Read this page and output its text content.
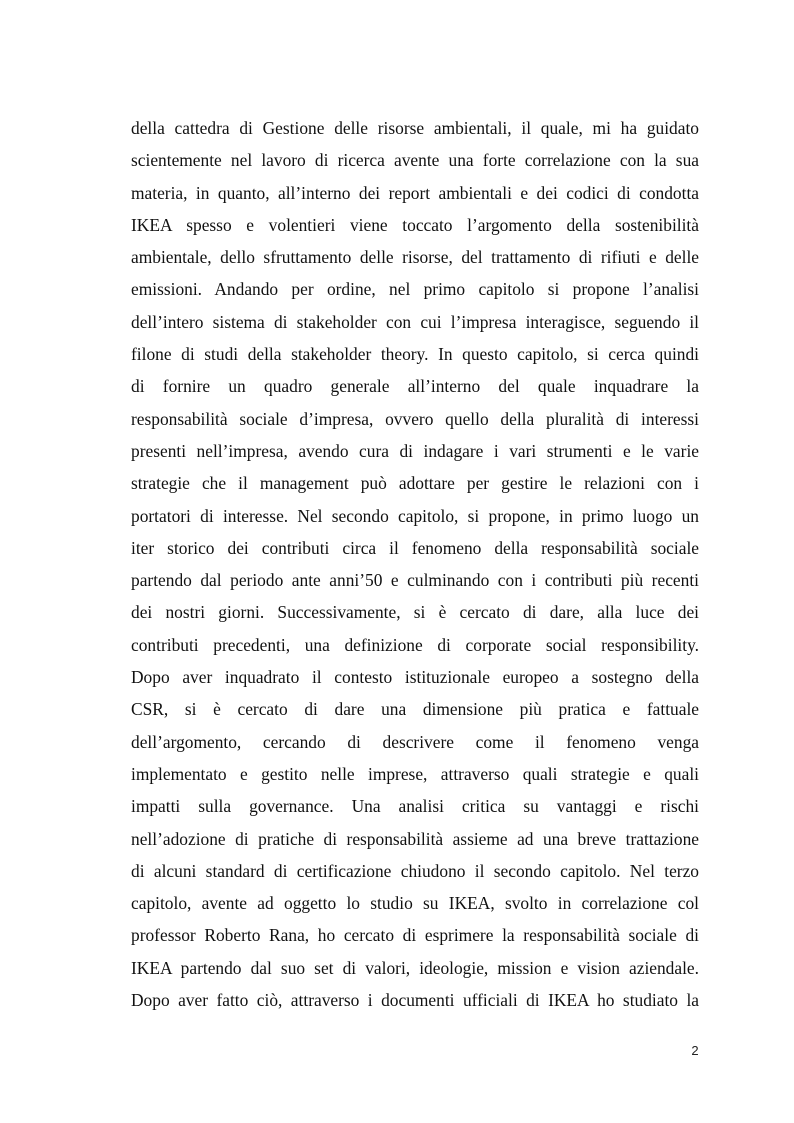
della cattedra di Gestione delle risorse ambientali, il quale, mi ha guidato
scientemente nel lavoro di ricerca avente una forte correlazione con la sua
materia, in quanto, all’interno dei report ambientali e dei codici di condotta
IKEA spesso e volentieri viene toccato l’argomento della sostenibilità
ambientale, dello sfruttamento delle risorse, del trattamento di rifiuti e delle
emissioni. Andando per ordine, nel primo capitolo si propone l’analisi
dell’intero sistema di stakeholder con cui l’impresa interagisce, seguendo il
filone di studi della stakeholder theory. In questo capitolo, si cerca quindi
di fornire un quadro generale all’interno del quale inquadrare la
responsabilità sociale d’impresa, ovvero quello della pluralità di interessi
presenti nell’impresa, avendo cura di indagare i vari strumenti e le varie
strategie che il management può adottare per gestire le relazioni con i
portatori di interesse. Nel secondo capitolo, si propone, in primo luogo un
iter storico dei contributi circa il fenomeno della responsabilità sociale
partendo dal periodo ante anni’50 e culminando con i contributi più recenti
dei nostri giorni. Successivamente, si è cercato di dare, alla luce dei
contributi precedenti, una definizione di corporate social responsibility.
Dopo aver inquadrato il contesto istituzionale europeo a sostegno della
CSR, si è cercato di dare una dimensione più pratica e fattuale
dell’argomento, cercando di descrivere come il fenomeno venga
implementato e gestito nelle imprese, attraverso quali strategie e quali
impatti sulla governance. Una analisi critica su vantaggi e rischi
nell’adozione di pratiche di responsabilità assieme ad una breve trattazione
di alcuni standard di certificazione chiudono il secondo capitolo. Nel terzo
capitolo, avente ad oggetto lo studio su IKEA, svolto in correlazione col
professor Roberto Rana, ho cercato di esprimere la responsabilità sociale di
IKEA partendo dal suo set di valori, ideologie, mission e vision aziendale.
Dopo aver fatto ciò, attraverso i documenti ufficiali di IKEA ho studiato la
2
